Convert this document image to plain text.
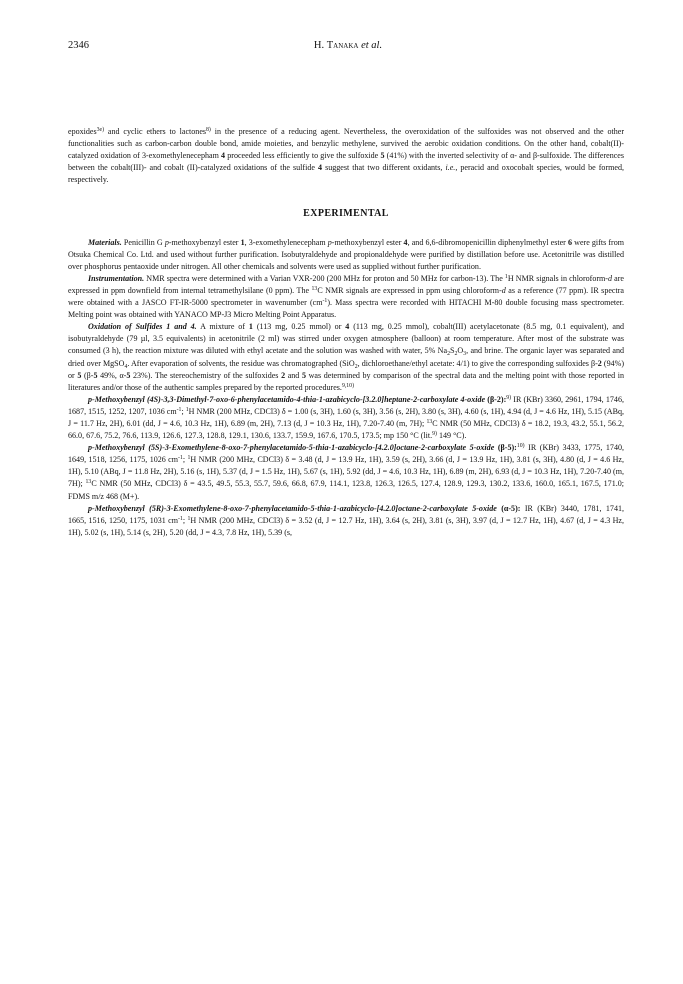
2346	H. Tanaka et al.

epoxides$^{3e)}$ and cyclic ethers to lactones$^{8)}$ in the presence of a reducing agent. Nevertheless, the overoxidation of the sulfoxides was not observed and the other functionalities such as carbon-carbon double bond, amide moieties, and benzylic methylene, survived the aerobic oxidation conditions. On the other hand, cobalt(II)-catalyzed oxidation of 3-exomethylenecepham 4 proceeded less efficiently to give the sulfoxide 5 (41%) with the inverted selectivity of α- and β-sulfoxide. The differences between the cobalt(III)- and cobalt (II)-catalyzed oxidations of the sulfide 4 suggest that two different oxidants, i.e., peracid and oxocobalt species, would be formed, respectively.

EXPERIMENTAL

Materials. Penicillin G p-methoxybenzyl ester 1, 3-exomethylenecepham p-methoxybenzyl ester 4, and 6,6-dibromopenicillin diphenylmethyl ester 6 were gifts from Otsuka Chemical Co. Ltd. and used without further purification. Isobutyraldehyde and propionaldehyde were purified by distillation before use. Acetonitrile was distilled over phosphorus pentaoxide under nitrogen. All other chemicals and solvents were used as supplied without further purification.

Instrumentation. NMR spectra were determined with a Varian VXR-200 (200 MHz for proton and 50 MHz for carbon-13). The $^1$H NMR signals in chloroform-d are expressed in ppm downfield from internal tetramethylsilane (0 ppm). The $^{13}$C NMR signals are expressed in ppm using chloroform-d as a reference (77 ppm). IR spectra were obtained with a JASCO FT-IR-5000 spectrometer in wavenumber $(cm^{-1})$. Mass spectra were recorded with HITACHI M-80 double focusing mass spectrometer. Melting point was obtained with YANACO MP-J3 Micro Melting Point Apparatus.

Oxidation of Sulfides 1 and 4. A mixture of 1 (113 mg, 0.25 mmol) or 4 (113 mg, 0.25 mmol), cobalt(III) acetylacetonate (8.5 mg, 0.1 equivalent), and isobutyraldehyde (79 µl, 3.5 equivalents) in acetonitrile (2 ml) was stirred under oxygen atmosphere (balloon) at room temperature. After most of the substrate was consumed (3 h), the reaction mixture was diluted with ethyl acetate and the solution was washed with water, 5% $Na_2S_2O_3$, and brine. The organic layer was separated and dried over MgSO$_4$. After evaporation of solvents, the residue was chromatographed (SiO$_2$, dichloroethane/ethyl acetate: 4/1) to give the corresponding sulfoxides β-2 (94%) or 5 (β-5 49%, α-5 23%). The stereochemistry of the sulfoxides 2 and 5 was determined by comparison of the spectral data and the melting point with those reported in literatures and/or those of the authentic samples prepared by the reported procedures.$^{9,10)}$

p-Methoxybenzyl (4S)-3,3-Dimethyl-7-oxo-6-phenylacetamido-4-thia-1-azabicyclo-[3.2.0]heptane-2-carboxylate 4-oxide (β-2):$^{9)}$ IR (KBr) 3360, 2961, 1794, 1746, 1687, 1515, 1252, 1207, 1036 $cm^{-1}$; $^1$H NMR (200 MHz, CDCl3) δ = 1.00 (s, 3H), 1.60 (s, 3H), 3.56 (s, 2H), 3.80 (s, 3H), 4.60 (s, 1H), 4.94 (d, J = 4.6 Hz, 1H), 5.15 (ABq, J = 11.7 Hz, 2H), 6.01 (dd, J = 4.6, 10.3 Hz, 1H), 6.89 (m, 2H), 7.13 (d, J = 10.3 Hz, 1H), 7.20-7.40 (m, 7H); $^{13}$C NMR (50 MHz, CDCl3) δ = 18.2, 19.3, 43.2, 55.1, 56.2, 66.0, 67.6, 75.2, 76.6, 113.9, 126.6, 127.3, 128.8, 129.1, 130.6, 133.7, 159.9, 167.6, 170.5, 173.5; mp 150 °C (lit.$^{9)}$ 149 °C).

p-Methoxybenzyl (5S)-3-Exomethylene-8-oxo-7-phenylacetamido-5-thia-1-azabicyclo-[4.2.0]octane-2-carboxylate 5-oxide (β-5):$^{10)}$ IR (KBr) 3433, 1775, 1740, 1649, 1518, 1256, 1175, 1026 $cm^{-1}$; $^1$H NMR (200 MHz, CDCl3) δ = 3.48 (d, J = 13.9 Hz, 1H), 3.59 (s, 2H), 3.66 (d, J = 13.9 Hz, 1H), 3.81 (s, 3H), 4.80 (d, J = 4.6 Hz, 1H), 5.10 (ABq, J = 11.8 Hz, 2H), 5.16 (s, 1H), 5.37 (d, J = 1.5 Hz, 1H), 5.67 (s, 1H), 5.92 (dd, J = 4.6, 10.3 Hz, 1H), 6.89 (m, 2H), 6.93 (d, J = 10.3 Hz, 1H), 7.20-7.40 (m, 7H); $^{13}$C NMR (50 MHz, CDCl3) δ = 43.5, 49.5, 55.3, 55.7, 59.6, 66.8, 67.9, 114.1, 123.8, 126.3, 126.5, 127.4, 128.9, 129.3, 130.2, 133.6, 160.0, 165.1, 167.5, 171.0; FDMS m/z 468 (M+).

p-Methoxybenzyl (5R)-3-Exomethylene-8-oxo-7-phenylacetamido-5-thia-1-azabicyclo-[4.2.0]octane-2-carboxylate 5-oxide (α-5): IR (KBr) 3440, 1781, 1741, 1665, 1516, 1250, 1175, 1031 $cm^{-1}$; $^1$H NMR (200 MHz, CDCl3) δ = 3.52 (d, J = 12.7 Hz, 1H), 3.64 (s, 2H), 3.81 (s, 3H), 3.97 (d, J = 12.7 Hz, 1H), 4.67 (d, J = 4.3 Hz, 1H), 5.02 (s, 1H), 5.14 (s, 2H), 5.20 (dd, J = 4.3, 7.8 Hz, 1H), 5.39 (s,
